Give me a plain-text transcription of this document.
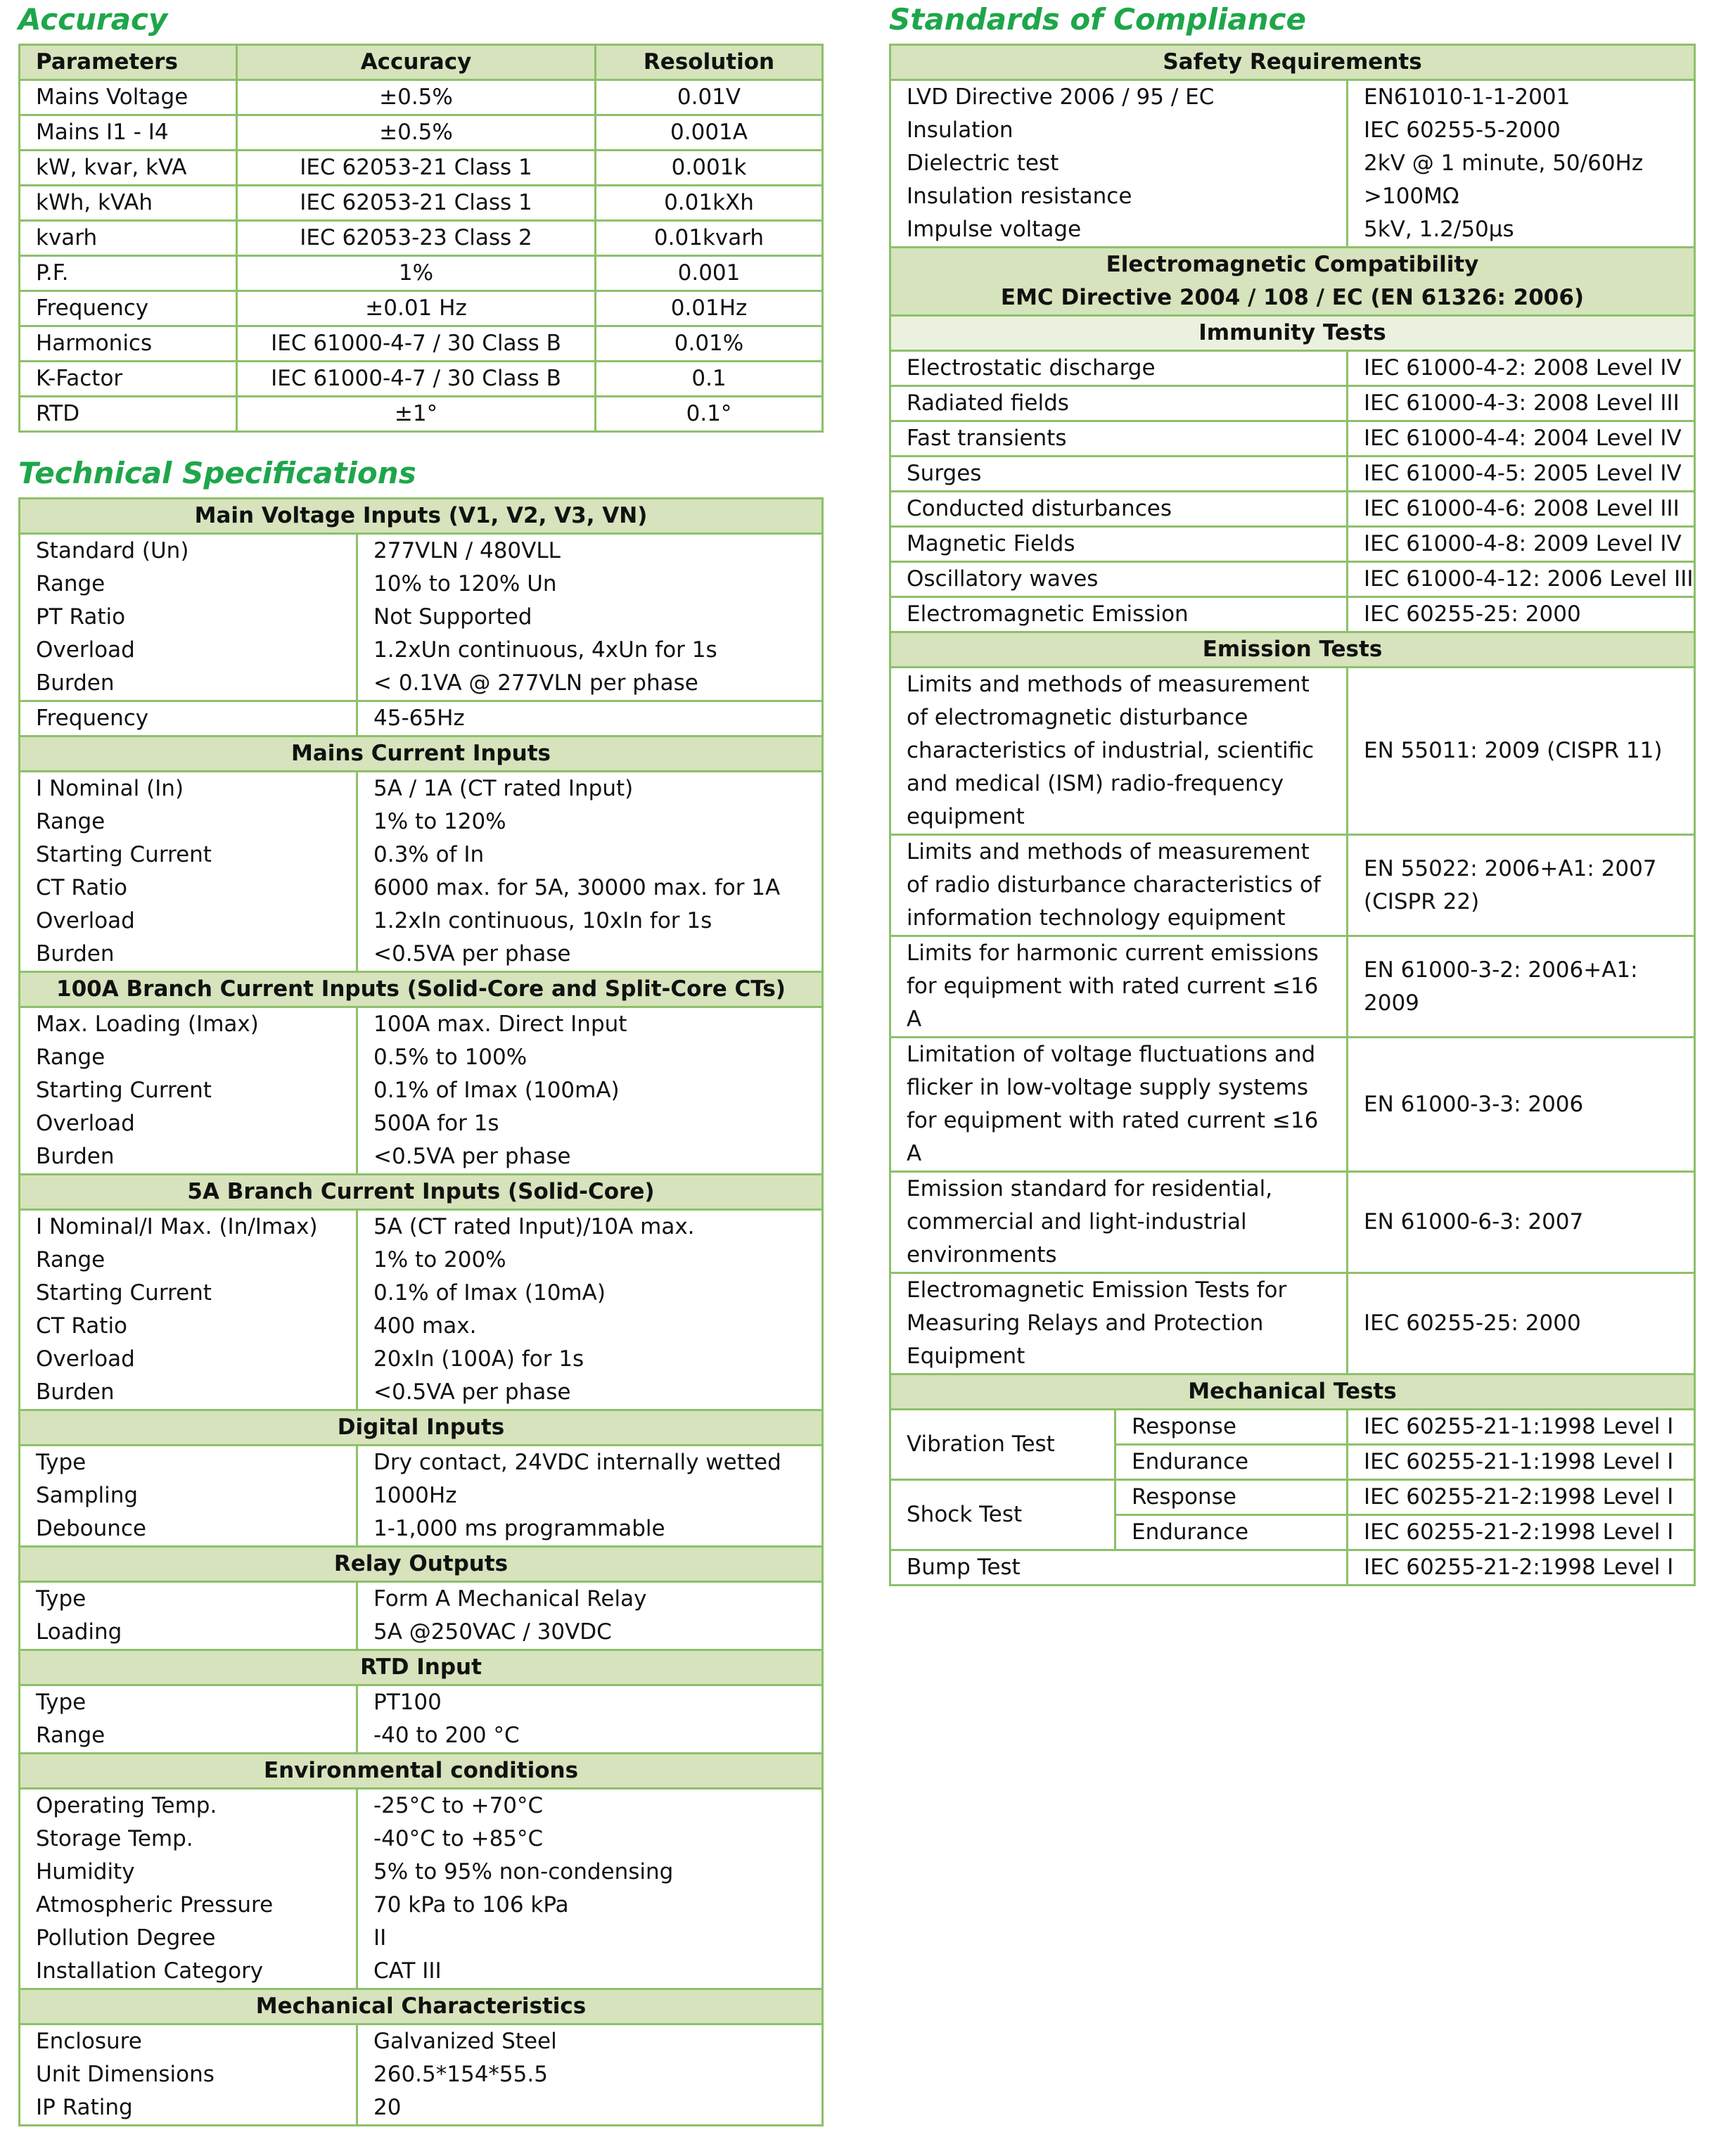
Accuracy
Parameters	Accuracy	Resolution
Mains Voltage	±0.5%	0.01V
Mains I1 - I4	±0.5%	0.001A
kW, kvar, kVA	IEC 62053-21 Class 1	0.001k
kWh, kVAh	IEC 62053-21 Class 1	0.01kXh
kvarh	IEC 62053-23 Class 2	0.01kvarh
P.F.	1%	0.001
Frequency	±0.01 Hz	0.01Hz
Harmonics	IEC 61000-4-7 / 30 Class B	0.01%
K-Factor	IEC 61000-4-7 / 30 Class B	0.1
RTD	±1°	0.1°
Technical Specifications
Main Voltage Inputs (V1, V2, V3, VN)	
Standard (Un)	277VLN / 480VLL
Range	10% to 120% Un
PT Ratio	Not Supported
Overload	1.2xUn continuous, 4xUn for 1s
Burden	< 0.1VA @ 277VLN per phase
Frequency	45-65Hz
Mains Current Inputs	
I Nominal (In)	5A / 1A (CT rated Input)
Range	1% to 120%
Starting Current	0.3% of In
CT Ratio	6000 max. for 5A, 30000 max. for 1A
Overload	1.2xIn continuous, 10xIn for 1s
Burden	<0.5VA per phase
100A Branch Current Inputs (Solid-Core and Split-Core CTs)	
Max. Loading (Imax)	100A max. Direct Input
Range	0.5% to 100%
Starting Current	0.1% of Imax (100mA)
Overload	500A for 1s
Burden	<0.5VA per phase
5A Branch Current Inputs (Solid-Core)	
I Nominal/I Max. (In/Imax)	5A (CT rated Input)/10A max.
Range	1% to 200%
Starting Current	0.1% of Imax (10mA)
CT Ratio	400 max.
Overload	20xIn (100A) for 1s
Burden	<0.5VA per phase
Digital Inputs	
Type	Dry contact, 24VDC internally wetted
Sampling	1000Hz
Debounce	1-1,000 ms programmable
Relay Outputs	
Type	Form A Mechanical Relay
Loading	5A @250VAC / 30VDC
RTD Input	
Type	PT100
Range	-40 to 200 °C
Environmental conditions	
Operating Temp.	-25°C to +70°C
Storage Temp.	-40°C to +85°C
Humidity	5% to 95% non-condensing
Atmospheric Pressure	70 kPa to 106 kPa
Pollution Degree	II
Installation Category	CAT III
Mechanical Characteristics	
Enclosure	Galvanized Steel
Unit Dimensions	260.5*154*55.5
IP Rating	20
Standards of Compliance
Safety Requirements		
LVD Directive 2006 / 95 / EC		EN61010-1-1-2001
Insulation		IEC 60255-5-2000
Dielectric test		2kV @ 1 minute, 50/60Hz
Insulation resistance		>100MΩ
Impulse voltage		5kV, 1.2/50µs

Electromagnetic Compatibility
EMC Directive 2004 / 108 / EC (EN 61326: 2006)		

Immunity Tests		
Electrostatic discharge		IEC 61000-4-2: 2008 Level IV
Radiated fields		IEC 61000-4-3: 2008 Level III
Fast transients		IEC 61000-4-4: 2004 Level IV
Surges		IEC 61000-4-5: 2005 Level IV
Conducted disturbances		IEC 61000-4-6: 2008 Level III
Magnetic Fields		IEC 61000-4-8: 2009 Level IV
Oscillatory waves		IEC 61000-4-12: 2006 Level III
Electromagnetic Emission		IEC 60255-25: 2000
Emission Tests		
Limits and methods of measurement of electromagnetic disturbance characteristics of industrial, scientific and medical (ISM) radio-frequency equipment		EN 55011: 2009 (CISPR 11)
Limits and methods of measurement of radio disturbance characteristics of information technology equipment		EN 55022: 2006+A1: 2007 (CISPR 22)
Limits for harmonic current emissions for equipment with rated current ≤16 A		EN 61000-3-2: 2006+A1: 2009
Limitation of voltage fluctuations and flicker in low-voltage supply systems for equipment with rated current ≤16 A		EN 61000-3-3: 2006
Emission standard for residential, commercial and light-industrial environments		EN 61000-6-3: 2007
Electromagnetic Emission Tests for Measuring Relays and Protection Equipment		IEC 60255-25: 2000
Mechanical Tests		
Vibration Test	Response	IEC 60255-21-1:1998 Level I
	Endurance	IEC 60255-21-1:1998 Level I
Shock Test	Response	IEC 60255-21-2:1998 Level I
	Endurance	IEC 60255-21-2:1998 Level I
Bump Test		IEC 60255-21-2:1998 Level I
